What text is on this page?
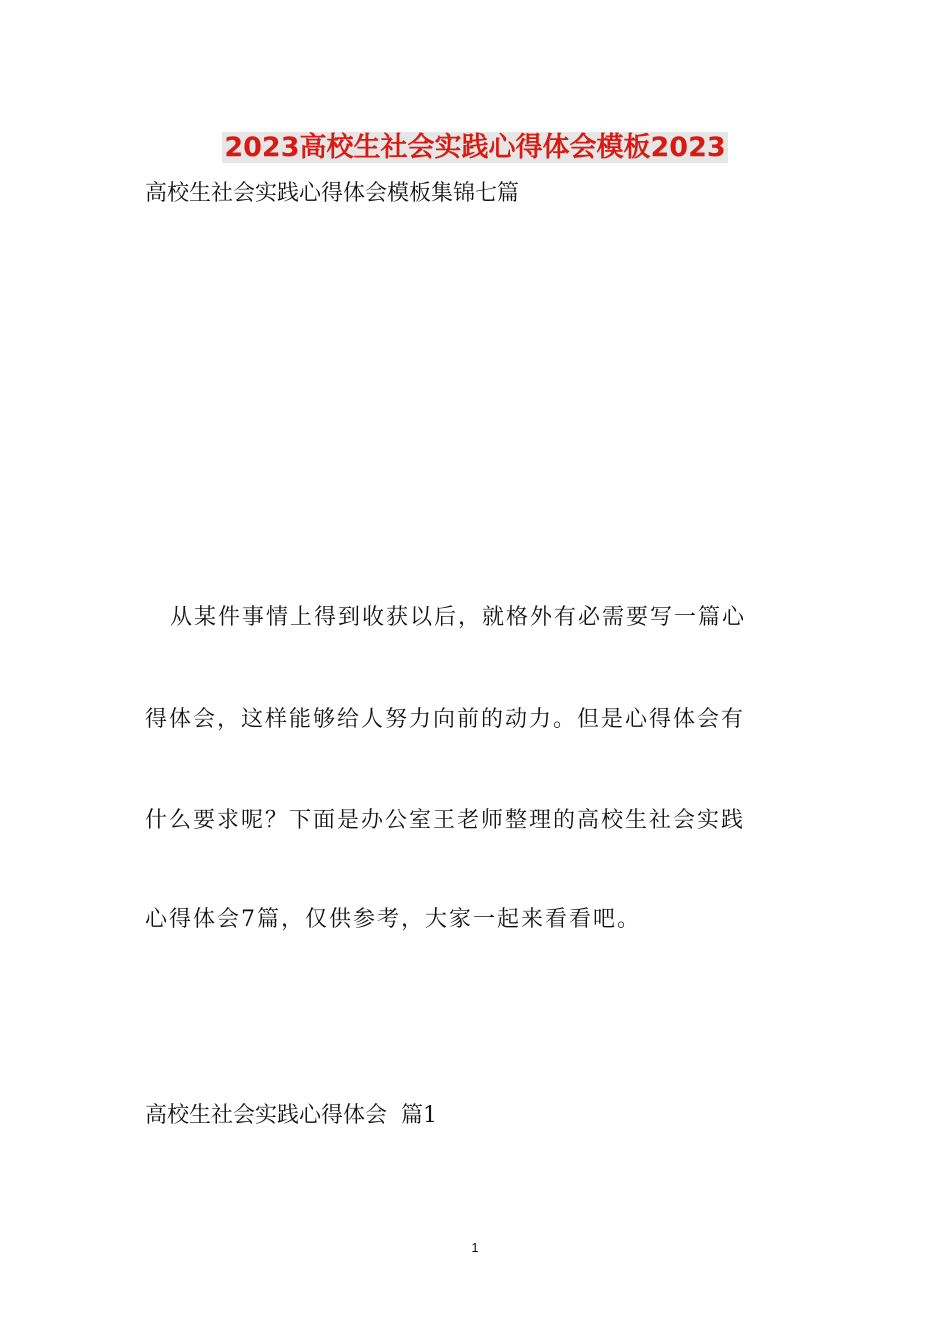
2023高校生社会实践心得体会模板2023
高校生社会实践心得体会模板集锦七篇
从某件事情上得到收获以后，就格外有必需要写一篇心
得体会，这样能够给人努力向前的动力。但是心得体会有
什么要求呢？下面是办公室王老师整理的高校生社会实践
心得体会7篇，仅供参考，大家一起来看看吧。
高校生社会实践心得体会  篇1
1
